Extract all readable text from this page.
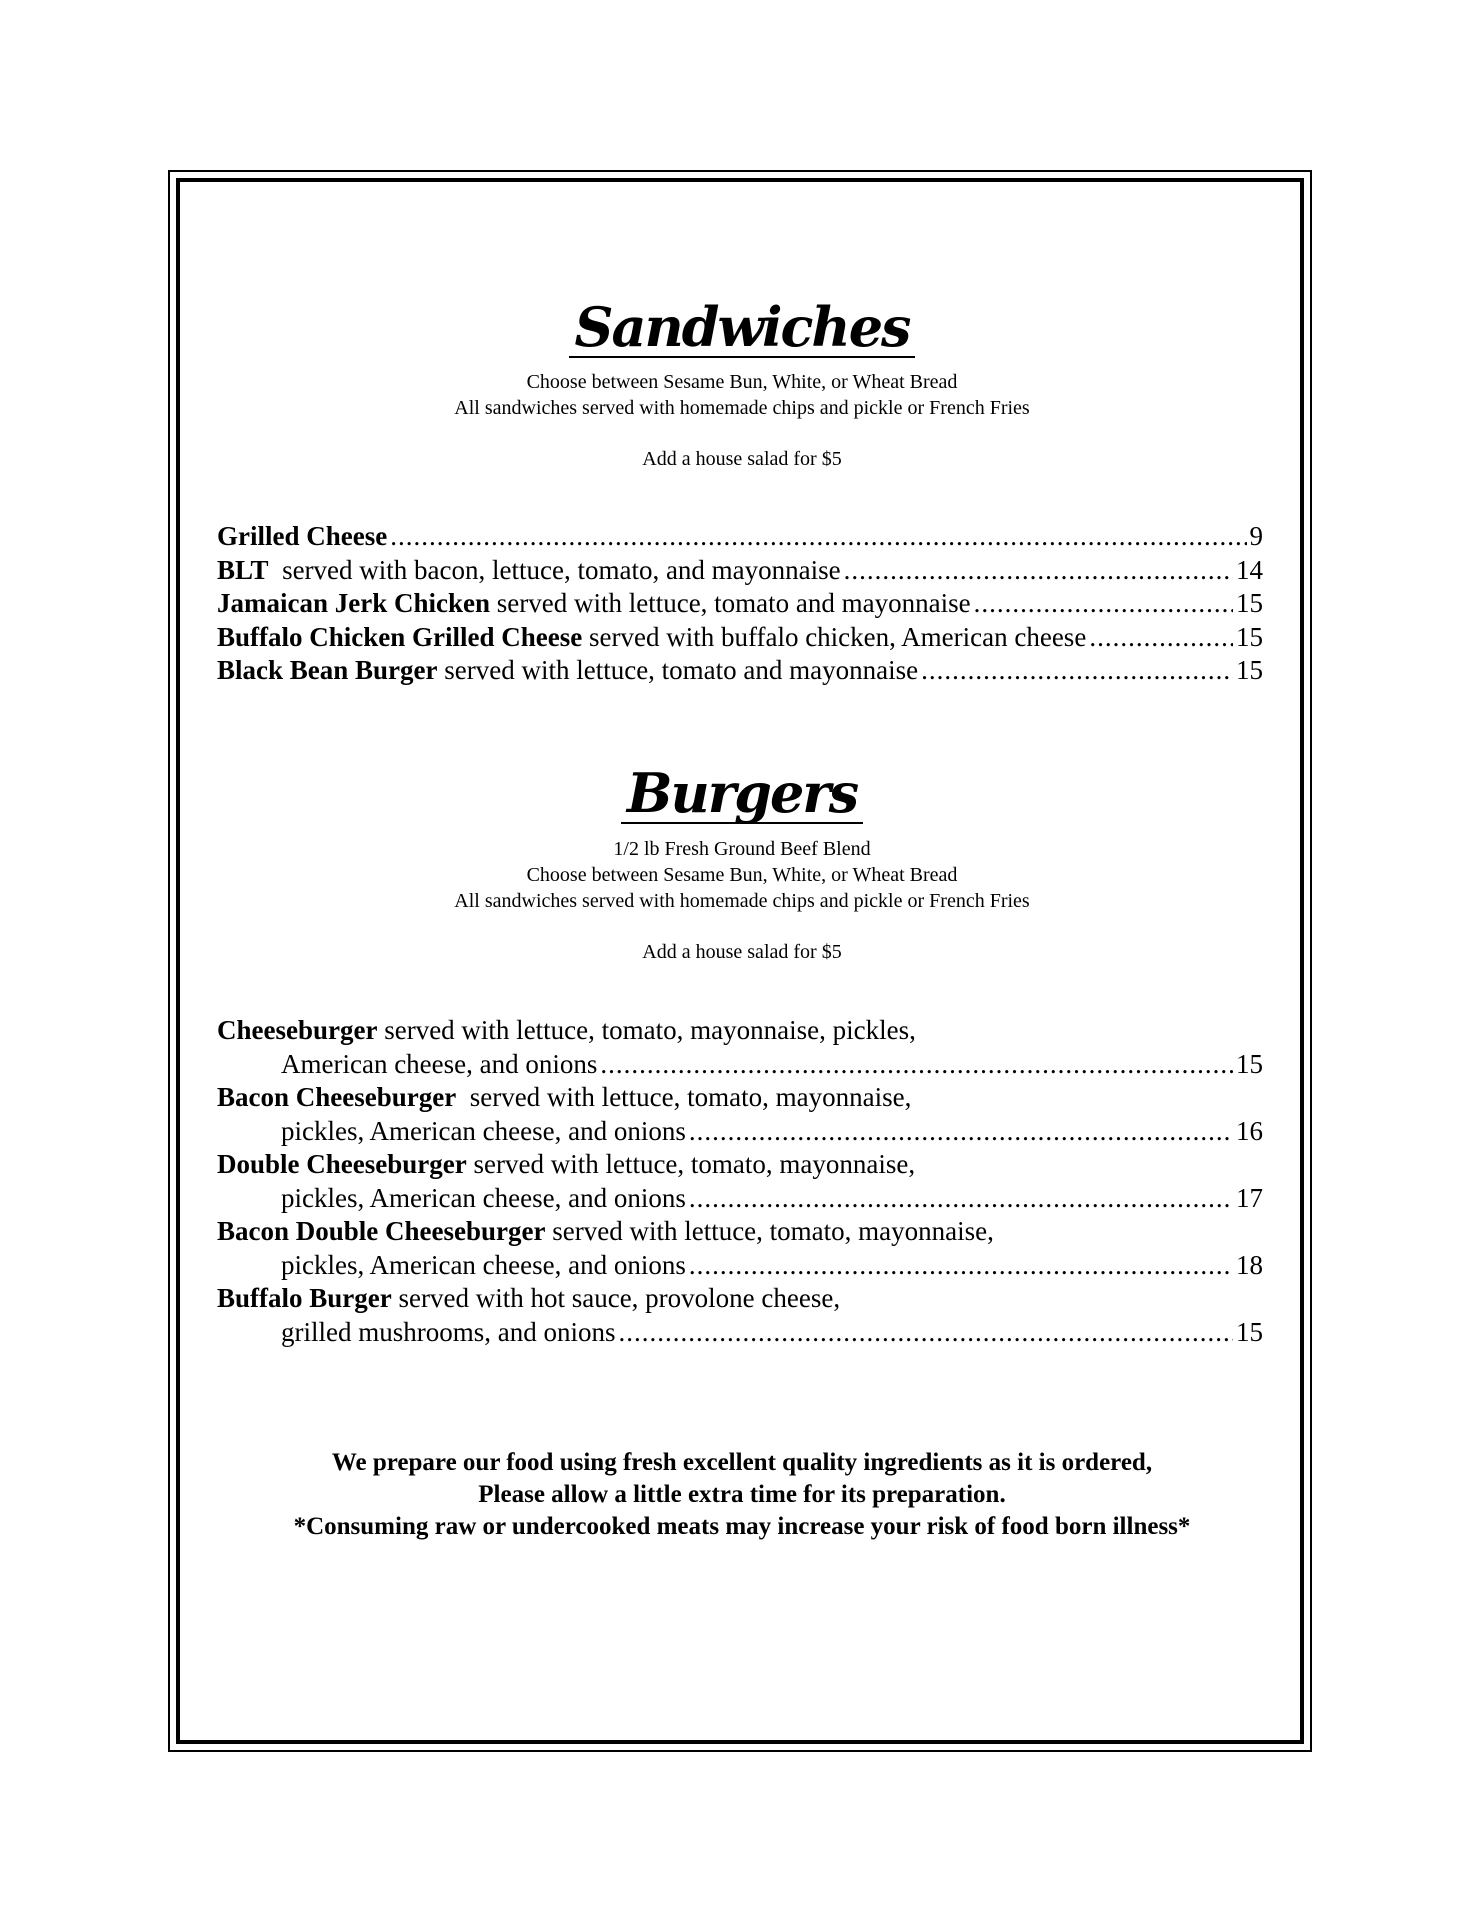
Sandwiches
Choose between Sesame Bun, White, or Wheat Bread
All sandwiches served with homemade chips and pickle or French Fries
Add a house salad for $5
Grilled Cheese .....	9
BLT
served with bacon, lettuce, tomato, and mayonnaise .....	14
Jamaican Jerk Chicken
served with lettuce, tomato and mayonnaise .....	15
Buffalo Chicken Grilled Cheese
served with buffalo chicken, American cheese .....	15
Black Bean Burger
served with lettuce, tomato and mayonnaise .....	15
Burgers
1/2 lb Fresh Ground Beef Blend
Choose between Sesame Bun, White, or Wheat Bread
All sandwiches served with homemade chips and pickle or French Fries
Add a house salad for $5
Cheeseburger
served with lettuce, tomato, mayonnaise, pickles,
American cheese, and onions .....	15
Bacon Cheeseburger
served with lettuce, tomato, mayonnaise,
pickles, American cheese, and onions .....	16
Double Cheeseburger
served with lettuce, tomato, mayonnaise,
pickles, American cheese, and onions .....	17
Bacon Double Cheeseburger
served with lettuce, tomato, mayonnaise,
pickles, American cheese, and onions .....	18
Buffalo Burger
served with hot sauce, provolone cheese,
grilled mushrooms, and onions .....	15
We prepare our food using fresh excellent quality ingredients as it is ordered,
Please allow a little extra time for its preparation.
*Consuming raw or undercooked meats may increase your risk of food born illness*
